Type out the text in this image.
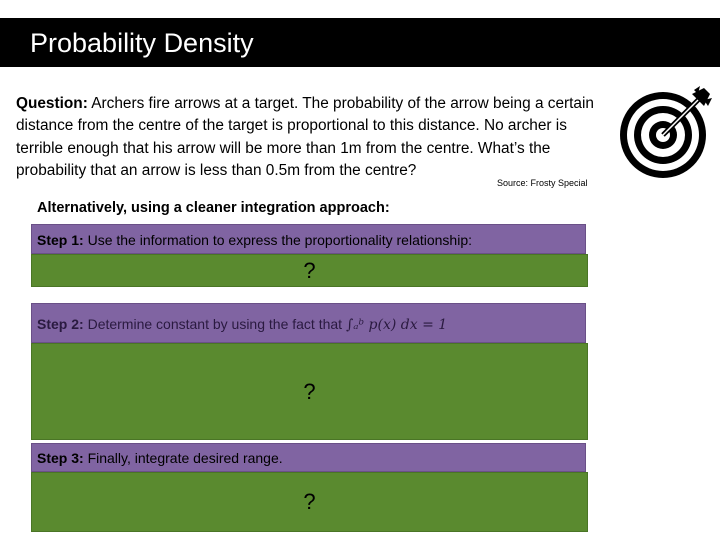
Probability Density
Question: Archers fire arrows at a target. The probability of the arrow being a certain distance from the centre of the target is proportional to this distance. No archer is terrible enough that his arrow will be more than 1m from the centre. What’s the probability that an arrow is less than 0.5m from the centre?
Source: Frosty Special
Alternatively, using a cleaner integration approach:
Step 1: Use the information to express the proportionality relationship:
?
Step 2: Determine constant by using the fact that ∫ₐᵇ p(x) dx = 1
?
Step 3: Finally, integrate desired range.
?
